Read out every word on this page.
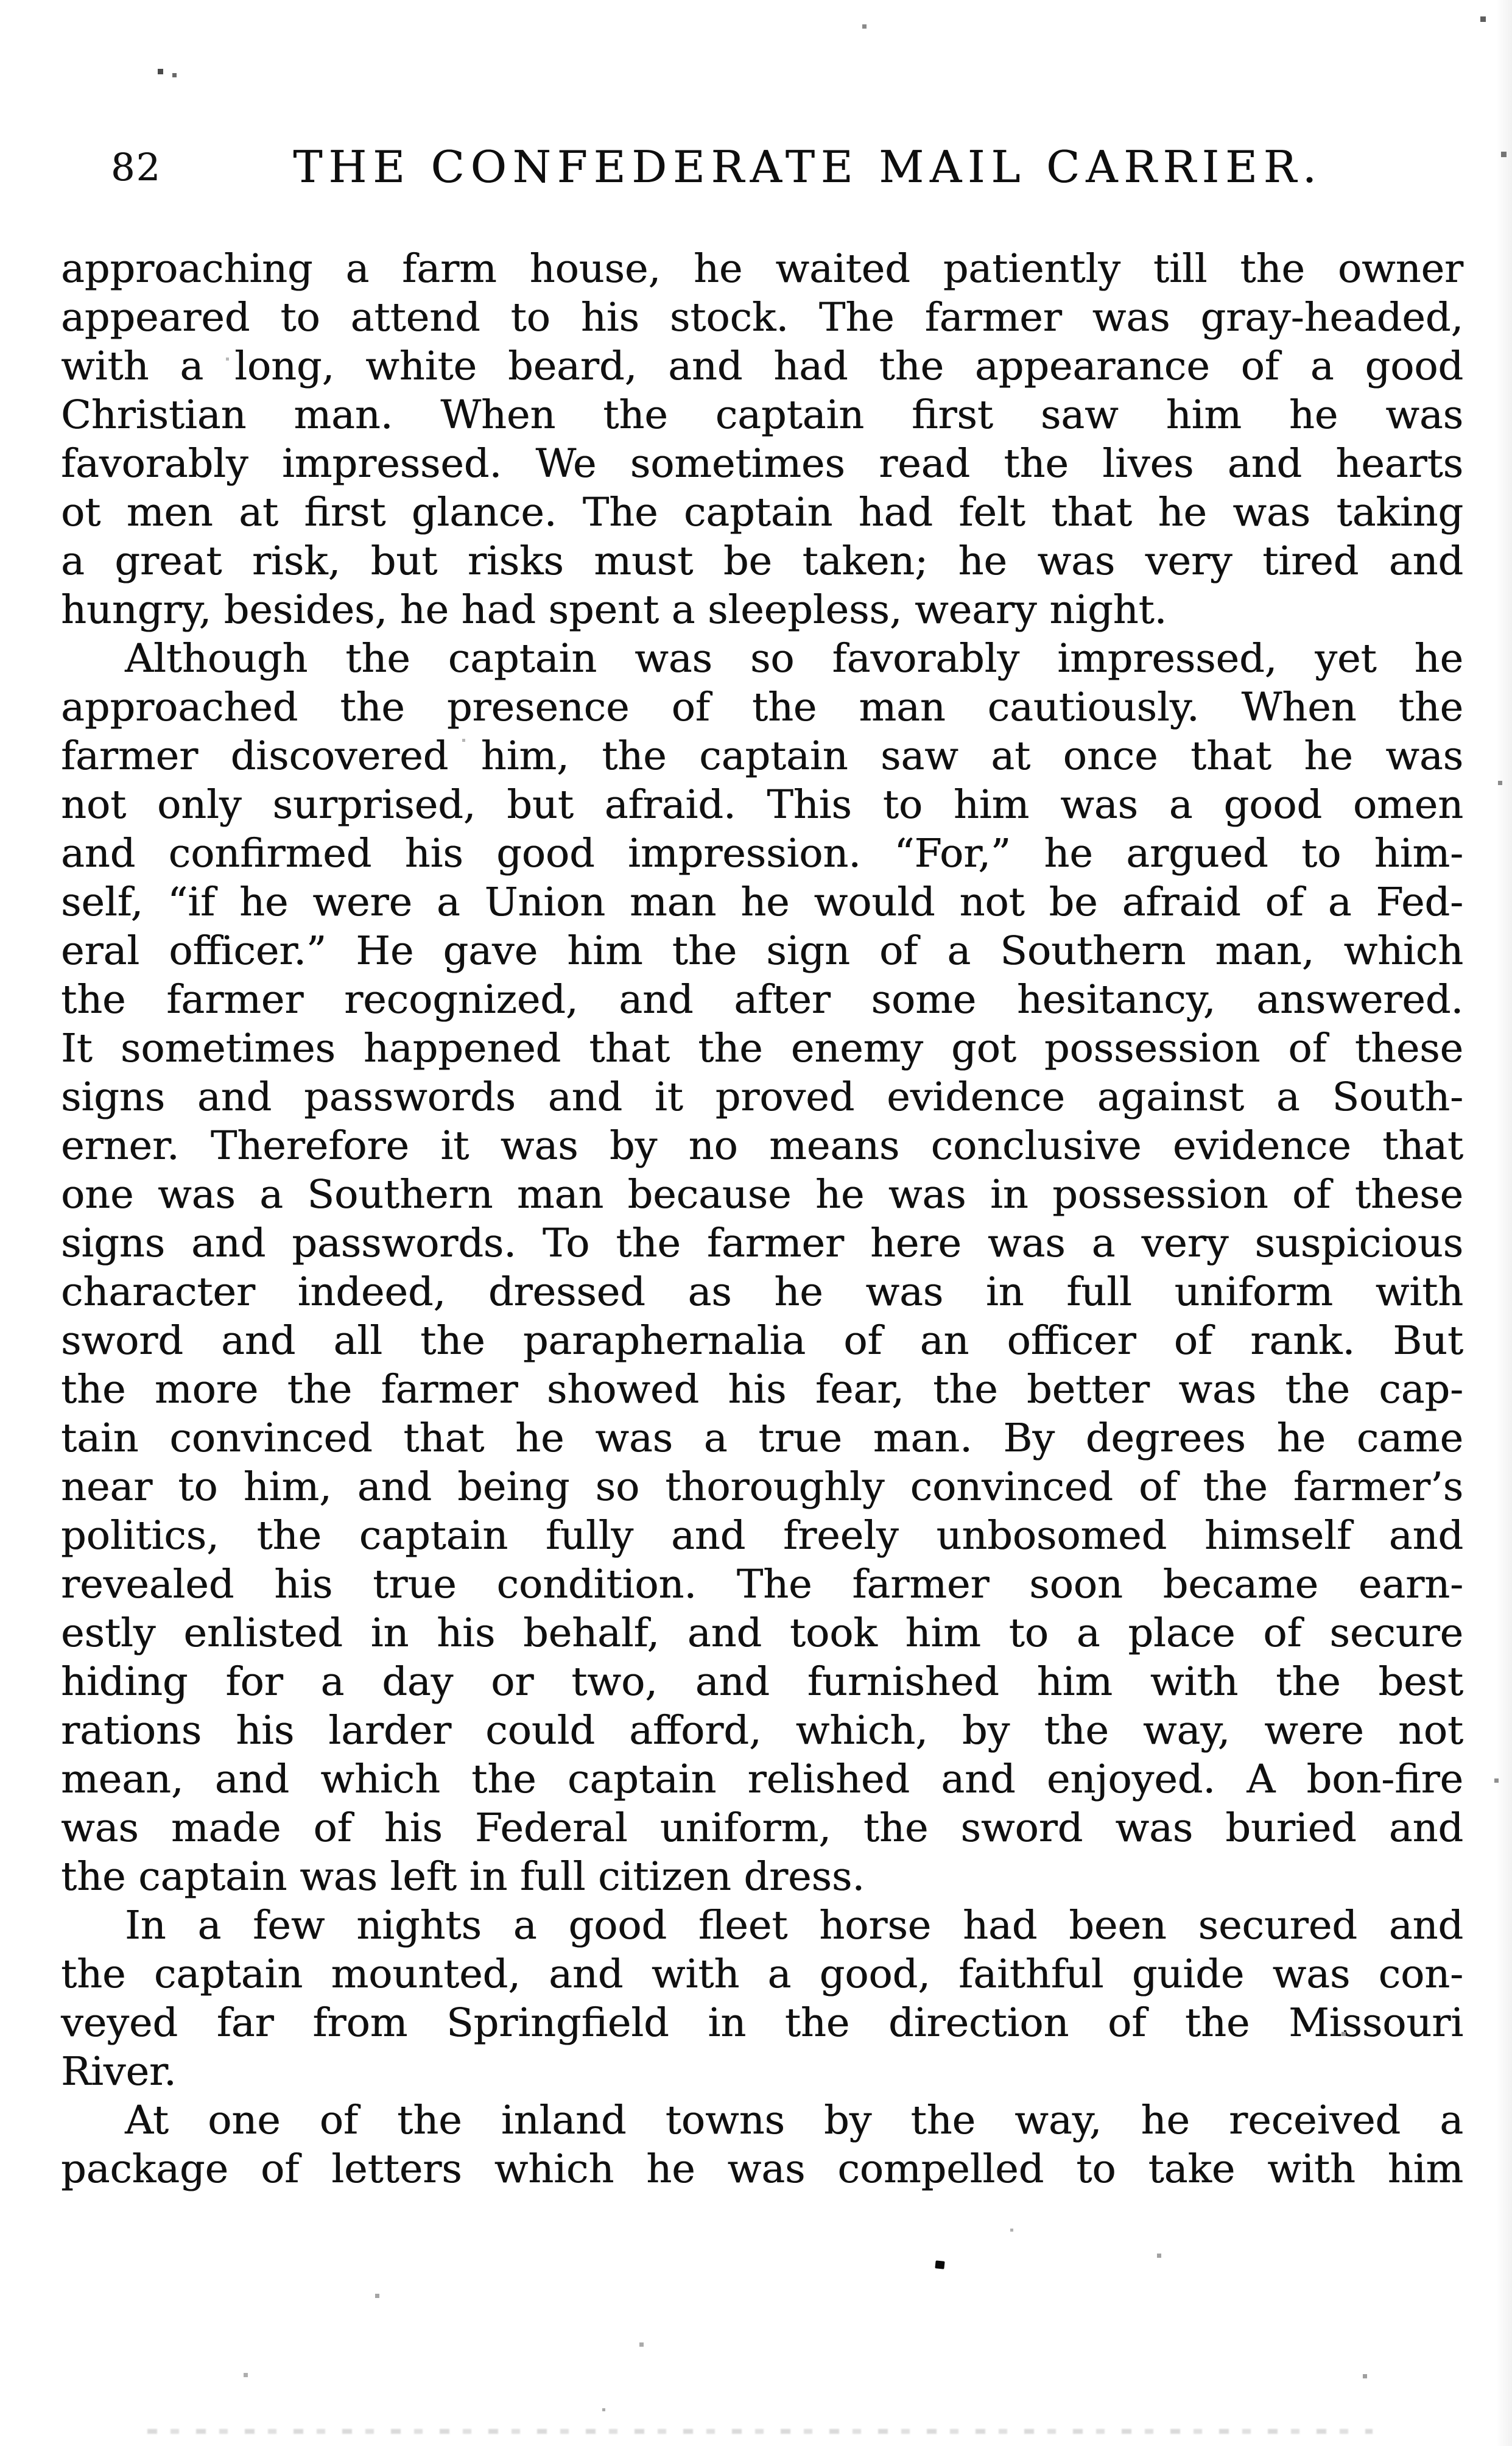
82	THE CONFEDERATE MAIL CARRIER.
approaching a farm house, he waited patiently till the owner
appeared to attend to his stock. The farmer was gray-headed,
with a long, white beard, and had the appearance of a good
Christian man. When the captain first saw him he was
favorably impressed. We sometimes read the lives and hearts
ot men at first glance. The captain had felt that he was taking
a great risk, but risks must be taken; he was very tired and
hungry, besides, he had spent a sleepless, weary night.
Although the captain was so favorably impressed, yet he
approached the presence of the man cautiously. When the
farmer discovered him, the captain saw at once that he was
not only surprised, but afraid. This to him was a good omen
and confirmed his good impression. “For,” he argued to him-
self, “if he were a Union man he would not be afraid of a Fed-
eral officer.” He gave him the sign of a Southern man, which
the farmer recognized, and after some hesitancy, answered.
It sometimes happened that the enemy got possession of these
signs and passwords and it proved evidence against a South-
erner. Therefore it was by no means conclusive evidence that
one was a Southern man because he was in possession of these
signs and passwords. To the farmer here was a very suspicious
character indeed, dressed as he was in full uniform with
sword and all the paraphernalia of an officer of rank. But
the more the farmer showed his fear, the better was the cap-
tain convinced that he was a true man. By degrees he came
near to him, and being so thoroughly convinced of the farmer’s
politics, the captain fully and freely unbosomed himself and
revealed his true condition. The farmer soon became earn-
estly enlisted in his behalf, and took him to a place of secure
hiding for a day or two, and furnished him with the best
rations his larder could afford, which, by the way, were not
mean, and which the captain relished and enjoyed. A bon-fire
was made of his Federal uniform, the sword was buried and
the captain was left in full citizen dress.
In a few nights a good fleet horse had been secured and
the captain mounted, and with a good, faithful guide was con-
veyed far from Springfield in the direction of the Missouri
River.
At one of the inland towns by the way, he received a
package of letters which he was compelled to take with him
